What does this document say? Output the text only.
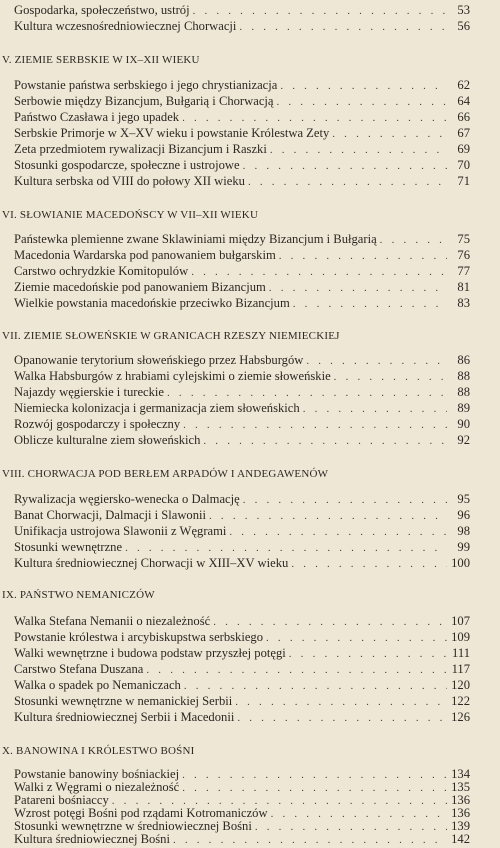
Gospodarka, społeczeństwo, ustrój . . .	53
Kultura wczesnośredniowiecznej Chorwacji . . .	56
V. ZIEMIE SERBSKIE W IX–XII WIEKU
Powstanie państwa serbskiego i jego chrystianizacja . . .	62
Serbowie między Bizancjum, Bułgarią i Chorwacją . . .	64
Państwo Czasława i jego upadek . . .	66
Serbskie Primorje w X–XV wieku i powstanie Królestwa Zety . . .	67
Zeta przedmiotem rywalizacji Bizancjum i Raszki . . .	69
Stosunki gospodarcze, społeczne i ustrojowe . . .	70
Kultura serbska od VIII do połowy XII wieku . . .	71
VI. SŁOWIANIE MACEDOŃSCY W VII–XII WIEKU
Państewka plemienne zwane Sklawiniami między Bizancjum i Bułgarią . . .	75
Macedonia Wardarska pod panowaniem bułgarskim . . .	76
Carstwo ochrydzkie Komitopulów . . .	77
Ziemie macedońskie pod panowaniem Bizancjum . . .	81
Wielkie powstania macedońskie przeciwko Bizancjum . . .	83
VII. ZIEMIE SŁOWEŃSKIE W GRANICACH RZESZY NIEMIECKIEJ
Opanowanie terytorium słoweńskiego przez Habsburgów . . .	86
Walka Habsburgów z hrabiami cylejskimi o ziemie słoweńskie . . .	88
Najazdy węgierskie i tureckie . . .	88
Niemiecka kolonizacja i germanizacja ziem słoweńskich . . .	89
Rozwój gospodarczy i społeczny . . .	90
Oblicze kulturalne ziem słoweńskich . . .	92
VIII. CHORWACJA POD BERŁEM ARPADÓW I ANDEGAWENÓW
Rywalizacja węgiersko-wenecka o Dalmację . . .	95
Banat Chorwacji, Dalmacji i Slawonii . . .	96
Unifikacja ustrojowa Slawonii z Węgrami . . .	98
Stosunki wewnętrzne . . .	99
Kultura średniowiecznej Chorwacji w XIII–XV wieku . . .	100
IX. PAŃSTWO NEMANICZÓW
Walka Stefana Nemanii o niezależność . . .	107
Powstanie królestwa i arcybiskupstwa serbskiego . . .	109
Walki wewnętrzne i budowa podstaw przyszłej potęgi . . .	111
Carstwo Stefana Duszana . . .	117
Walka o spadek po Nemaniczach . . .	120
Stosunki wewnętrzne w nemanickiej Serbii . . .	122
Kultura średniowiecznej Serbii i Macedonii . . .	126
X. BANOWINA I KRÓLESTWO BOŚNI
Powstanie banowiny bośniackiej . . .	134
Walki z Węgrami o niezależność . . .	135
Patareni bośniaccy . . .	136
Wzrost potęgi Bośni pod rządami Kotromaniczów . . .	136
Stosunki wewnętrzne w średniowiecznej Bośni . . .	139
Kultura średniowiecznej Bośni . . .	142
